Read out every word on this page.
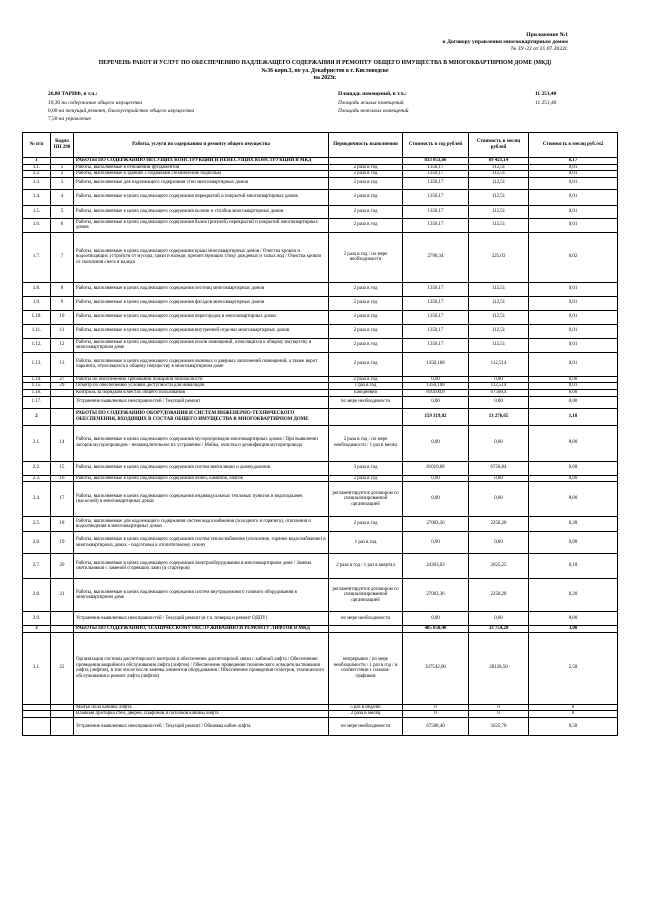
Приложение №1
к Договору управления многоквартирным домом
№ ЗУ-22 от 21.07.2022г.
ПЕРЕЧЕНЬ РАБОТ И УСЛУГ ПО ОБЕСПЕЧЕНИЮ НАДЛЕЖАЩЕГО СОДЕРЖАНИЯ И РЕМОНТУ ОБЩЕГО ИМУЩЕСТВА В МНОГОКВАРТИРНОМ ДОМЕ (МКД)
№36 корп.3, по ул. Декабристов в г. Кисловодске
на 2023г.
26,80 ТАРИФ, в т.ч.:
19,30 на содержание общего имущества
0,00 на текущий ремонт, благоустройство общего имущества
7,50 на управление
Площадь помещений, в т.ч.:	11 251,40
Площадь жилых помещений	11 251,40
Площадь нежилых помещений
№ п/п	Кодпо ПП 290	Работы, услуги по содержанию и ремонту общего имущества	Периодичность выполнения	Стоимость в год рублей	Стоимость в месяц рублей	Стоимость в месяц руб./м2
1		РАБОТЫ ПО СОДЕРЖАНИЮ НЕСУЩИХ КОНСТРУКЦИЙ И НЕНЕСУЩИХ КОНСТРУКЦИЙ В МКД		833 053,66	69 421,14	6,17
1.1.	1	Работы, выполняемые в отношении фундаментов	2 раза в год	1350,17	112,51	0,01
1.2.	2	Работы, выполняемые в зданиях с подвалами (технические подполья)	2 раза в год	1350,17	112,51	0,01
1.3.	3	Работы, выполняемые для надлежащего содержания стен многоквартирных домов	2 раза в год	1350,17	112,51	0,01
1.4.	4	Работы, выполняемые в целях надлежащего содержания перекрытий и покрытий многоквартирных домов	2 раза в год	1350,17	112,51	0,01
1.5.	5	Работы, выполняемые в целях надлежащего содержания колонн и столбов многоквартирных домов	2 раза в год	1350,17	112,51	0,01
1.6.	6	Работы, выполняемые в целях надлежащего содержания балок (ригелей) перекрытий и покрытий многоквартирных домов	2 раза в год	1350,17	112,51	0,01
1.7.	7	Работы, выполняемые в целях надлежащего содержания крыш многоквартирных домов / Очистка кровли и водоотводящих устройств от мусора, грязи и наледи, препятствующих стоку дождевых и талых вод / Очистка кровли от скопления снега и наледи	2 раза в год / по мере необходимости	2700,34	225,03	0,02
1.8.	8	Работы, выполняемые в целях надлежащего содержания лестниц многоквартирных домов	2 раза в год	1350,17	112,51	0,01
1.9.	9	Работы, выполняемые в целях надлежащего содержания фасадов многоквартирных домов	2 раза в год	1350,17	112,51	0,01
1.10.	10	Работы, выполняемые в целях надлежащего содержания перегородок в многоквартирных домах	2 раза в год	1350,17	112,51	0,01
1.11.	11	Работы, выполняемые в целях надлежащего содержания внутренней отделки многоквартирных домов	2 раза в год	1350,17	112,51	0,01
1.12.	12	Работы, выполняемые в целях надлежащего содержания полов помещений, относящихся к общему имуществу в многоквартирном доме	2 раза в год	1350,17	112,51	0,01
1.13.	13	Работы, выполняемые в целях надлежащего содержания оконных и дверных заполнений помещений, а также ворот паркинга, относящихся к общему имуществу в многоквартирном доме	2 раза в год	1350,168	112,514	0,01
1.14.	27	Работы по обеспечению требований пожарной безопасности	2 раза в год	0,00	0,00	0,00
1.15.	29	Осмотр по обеспечению условий доступности для инвалидов	1 раз в год	1350,168	112,514	0,01
1.16.		Контроль за порядком в местах общего пользования	Ежедневно	810100,8	67508,4	6,00
1.17.		Устранение выявленных неисправностей / Текущий ремонт	по мере необходимости	0,00	0,00	0,00
2		РАБОТЫ ПО СОДЕРЖАНИЮ ОБОРУДОВАНИЯ И СИСТЕМ ИНЖЕНЕРНО-ТЕХНИЧЕСКОГО ОБЕСПЕЧЕНИЯ, ВХОДЯЩИХ В СОСТАВ ОБЩЕГО ИМУЩЕСТВА В МНОГОКВАРТИРНОМ ДОМЕ		159 319,82	13 276,65	1,18
2.1.	14	Работы, выполняемые в целях надлежащего содержания мусоропроводов многоквартирных домов / При выявлении засоров мусоропроводов - незамедлительное их устранение / Мойка, очистка и дезинфекция мусоропровода	2 раза в год / по мере необходимости / 1 раз в месяц	0,00	0,00	0,00
2.2.	15	Работы, выполняемые в целях надлежащего содержания систем вентиляции и дымоудаления	3 раза в год	81010,08	6750,84	0,60
2.3.	16	Работы, выполняемые в целях надлежащего содержания печей, каминов, очагов	2 раза в год	0,00	0,00	0,00
2.4.	17	Работы, выполняемые в целях надлежащего содержания индивидуальных тепловых пунктов и водоподкачек (насосной) в многоквартирных домах	регламентируется договором со специализированной организацией	0,00	0,00	0,00
2.5.	18	Работы, выполняемые для надлежащего содержания систем водоснабжения (холодного и горячего), отопления и водоотведения в многоквартирных домах	2 раза в год	27003,36	2250,28	0,20
2.6.	19	Работы, выполняемые в целях надлежащего содержания систем теплоснабжения (отопление, горячее водоснабжение) в многоквартирных домах - подготовка к отопительному сезону	1 раз в год	0,00	0,00	0,00
2.7.	20	Работы, выполняемые в целях надлежащего содержания электрооборудования в многоквартирном доме / Замена светильников с заменой сгоревших ламп (и стартеров)	2 раза в год / 1 раз в квартал	24303,02	2025,25	0,18
2.8.	21	Работы, выполняемые в целях надлежащего содержания систем внутридомового газового оборудования в многоквартирном доме	регламентируется договором со специализированной организацией	27003,36	2250,28	0,20
2.9.		Устранение выявленных неисправностей / Текущий ремонт (в т.ч. поверка и ремонт ОДПУ)	по мере необходимости	0,00	0,00	0,00
3		РАБОТЫ ПО СОДЕРЖАНИЮ, ТЕХНИЧЕСКОМУ ОБСЛУЖИВАНИЮ И РЕМОНТУ ЛИФТОВ В МКД		405 050,40	33 754,20	3,00
3.1.	22	Организация системы диспетчерского контроля и обеспечение диспетчерской связи с кабиной лифта / Обеспечение проведения аварийного обслуживания лифта (лифтов) / Обеспечение проведения технического освидетельствования лифта (лифтов), в том числе после замены элементов оборудования / Обеспечение проведения осмотров, технического обслуживания и ремонт лифта (лифтов)	непрерывно / по мере необходимости / 1 раз в год / в соответствии с планом-графиком	337542,00	28128,50	2,50
		Мытье пола кабины лифта	5 раз в неделю	0	0	0
		Влажная протирка стен, дверей, плафонов и потолков кабины лифта	2 раза в месяц	0	0	0
		Устранение выявленных неисправностей / Текущий ремонт / Обшивка кабин лифта	по мере необходимости	67508,40	5625,70	0,50
